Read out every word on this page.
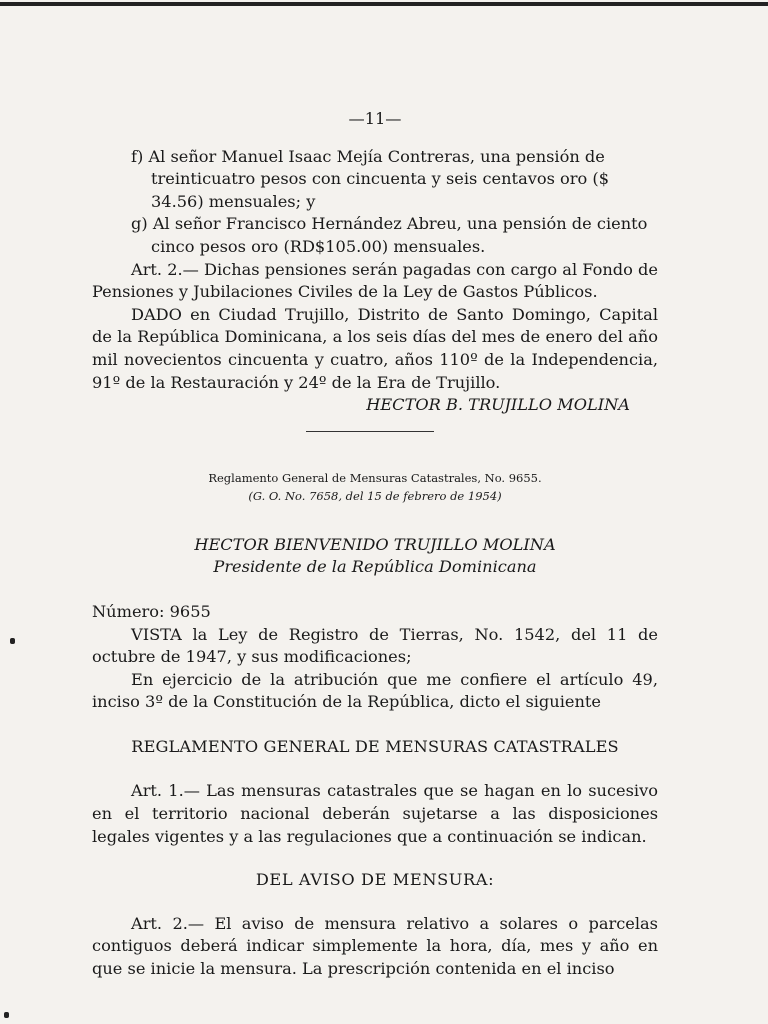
—11—

f) Al señor Manuel Isaac Mejía Contreras, una pensión de treinticuatro pesos con cincuenta y seis centavos oro ($ 34.56) mensuales; y

g) Al señor Francisco Hernández Abreu, una pensión de ciento cinco pesos oro (RD$105.00) mensuales.

Art. 2.— Dichas pensiones serán pagadas con cargo al Fondo de Pensiones y Jubilaciones Civiles de la Ley de Gastos Públicos.

DADO en Ciudad Trujillo, Distrito de Santo Domingo, Capital de la República Dominicana, a los seis días del mes de enero del año mil novecientos cincuenta y cuatro, años 110º de la Independencia, 91º de la Restauración y 24º de la Era de Trujillo.

HECTOR B. TRUJILLO MOLINA

Reglamento General de Mensuras Catastrales, No. 9655.
(G. O. No. 7658, del 15 de febrero de 1954)
HECTOR BIENVENIDO TRUJILLO MOLINA
Presidente de la República Dominicana

Número: 9655

VISTA la Ley de Registro de Tierras, No. 1542, del 11 de octubre de 1947, y sus modificaciones;

En ejercicio de la atribución que me confiere el artículo 49, inciso 3º de la Constitución de la República, dicto el siguiente

REGLAMENTO GENERAL DE MENSURAS CATASTRALES

Art. 1.— Las mensuras catastrales que se hagan en lo sucesivo en el territorio nacional deberán sujetarse a las disposiciones legales vigentes y a las regulaciones que a continuación se indican.

DEL AVISO DE MENSURA:

Art. 2.— El aviso de mensura relativo a solares o parcelas contiguos deberá indicar simplemente la hora, día, mes y año en que se inicie la mensura. La prescripción contenida en el inciso
